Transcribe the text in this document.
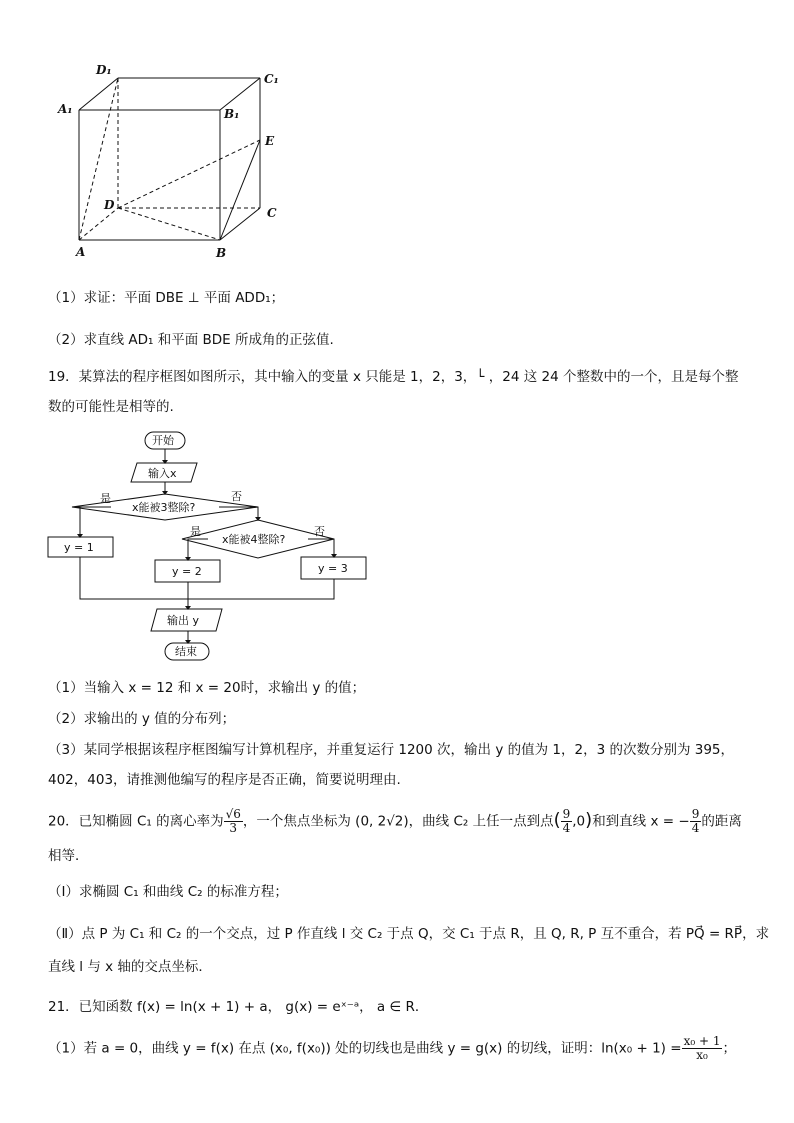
D₁
C₁
A₁	B₁
E
D
C
A	B
（1）求证：平面 DBE ⊥ 平面 ADD₁；
（2）求直线 AD₁ 和平面 BDE 所成角的正弦值.
19．某算法的程序框图如图所示，其中输入的变量 x 只能是 1，2，3，└ ，24 这 24 个整数中的一个，且是每个整
数的可能性是相等的.
开始
输入x
x能被3整除?
x能被4整除?
是	否
是	否
y = 1
y = 2	y = 3
输出 y
结束
（1）当输入 x = 12 和 x = 20时，求输出 y 的值；
（2）求输出的 y 值的分布列；
（3）某同学根据该程序框图编写计算机程序，并重复运行 1200 次，输出 y 的值为 1，2，3 的次数分别为 395，
402，403，请推测他编写的程序是否正确，简要说明理由.
20．已知椭圆 C₁ 的离心率为 $\frac{√6}{3}$ ，一个焦点坐标为 (0, 2√2)，曲线 C₂ 上任一点到点( $\frac{9}{4} ,0$)和到直线 x = − $\frac{9}{4}$ 的距离
相等．
（Ⅰ）求椭圆 C₁ 和曲线 C₂ 的标准方程；
（Ⅱ）点 P 为 C₁ 和 C₂ 的一个交点，过 P 作直线 l 交 C₂ 于点 Q，交 C₁ 于点 R，且 Q, R, P 互不重合，若 PQ⃗ = RP⃗，求
直线 l 与 x 轴的交点坐标．
21．已知函数 f(x) = ln(x + 1) + a， g(x) = eˣ⁻ᵃ， a ∈ R．
（1）若 a = 0，曲线 y = f(x) 在点 (x₀, f(x₀)) 处的切线也是曲线 y = g(x) 的切线，证明：$\ln(x_0 + 1) = \frac{\text{x₀ + 1}}{\text{x₀}}$ ；
